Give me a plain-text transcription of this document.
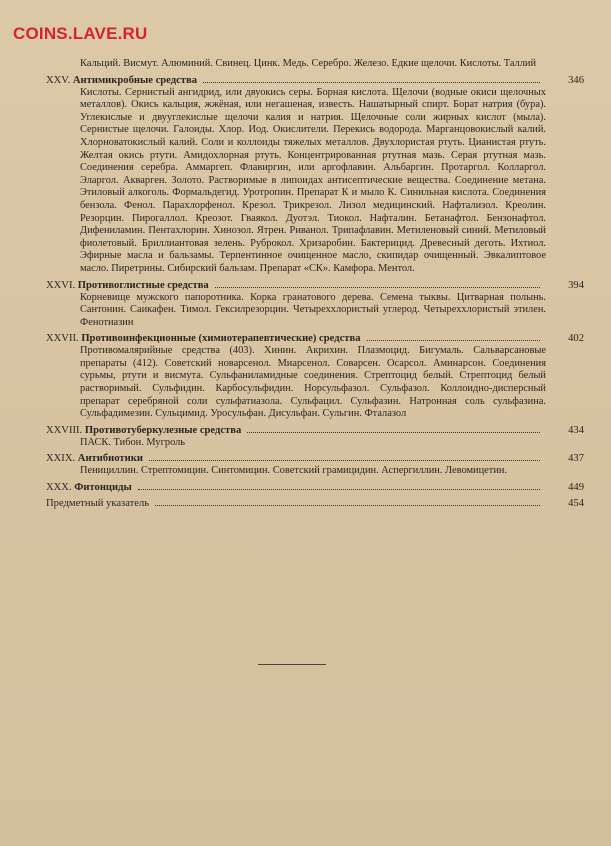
COINS.LAVE.RU
Кальций. Висмут. Алюминий. Свинец. Цинк. Медь. Серебро. Железо. Едкие щелочи. Кислоты. Таллий
XXV. Антимикробные средства	346
Кислоты. Сернистый ангидрид, или двуокись серы. Борная кислота. Щелочи (водные окиси щелочных металлов). Окись кальция, жжёная, или негашеная, известь. Нашатырный спирт. Борат натрия (бура). Углекислые и двууглекислые щелочи калия и натрия. Щелочные соли жирных кислот (мыла). Сернистые щелочи. Галоиды. Хлор. Иод. Окислители. Перекись водорода. Марганцовокислый калий. Хлорноватокислый калий. Соли и коллоиды тяжелых металлов. Двухлористая ртуть. Цианистая ртуть. Желтая окись ртути. Амидохлорная ртуть. Концентрированная ртутная мазь. Серая ртутная мазь. Соединения серебра. Аммаргеп. Флавиргин, или аргофлавин. Альбаргин. Протаргол. Колларгол. Эларгол. Акварген. Золото. Растворимые в липоидах антисептические вещества. Соединение метана. Этиловый алкоголь. Формальдегид. Уротропин. Препарат К и мыло К. Синильная кислота. Соединения бензола. Фенол. Парахлорфенол. Крезол. Трикрезол. Лизол медицинский. Нафтализол. Креолин. Резорцин. Пирогаллол. Креозот. Гваякол. Дуотэл. Тиокол. Нафталин. Бетанафтол. Бензонафтол. Дифениламин. Пентахлорин. Хинозол. Ятрен. Риванол. Трипафлавин. Метиленовый синий. Метиловый фиолетовый. Бриллиантовая зелень. Руброкол. Хризаробин. Бактерицид. Древесный деготь. Ихтиол. Эфирные масла и бальзамы. Терпентинное очищенное масло, скипидар очищенный. Эвкалиптовое масло. Пиретрины. Сибирский бальзам. Препарат «СК». Камфора. Ментол.
XXVI. Противоглистные средства	394
Корневище мужского папоротника. Корка гранатового дерева. Семена тыквы. Цитварная полынь. Сантонин. Саикафен. Тимол. Гексилрезорцин. Четыреххлористый углерод. Четыреххлористый этилен. Фенотиазин
XXVII. Противоинфекционные (химиотерапевтические) средства	402
Противомалярийные средства (403). Хинин. Акрихин. Плазмоцид. Бигумаль. Сальварсановые препараты (412). Советский новарсенол. Миарсенол. Соварсен. Осарсол. Аминарсон. Соединения сурьмы, ртути и висмута. Сульфаниламидные соединения. Стрептоцид белый. Стрептоцид белый растворимый. Сульфидин. Карбосульфидин. Норсульфазол. Сульфазол. Коллоидно-дисперсный препарат серебряной соли сульфатиазола. Сульфацил. Сульфазин. Натронная соль сульфазина. Сульфадимезин. Сульцимид. Уросульфан. Дисульфан. Сульгин. Фталазол
XXVIII. Противотуберкулезные средства	434
ПАСК. Тибон. Мугроль
XXIX. Антибиотики	437
Пенициллин. Стрептомицин. Синтомицин. Советский грамицидин. Аспергиллин. Левомицетин.
XXX. Фитонциды	449
Предметный указатель	454
